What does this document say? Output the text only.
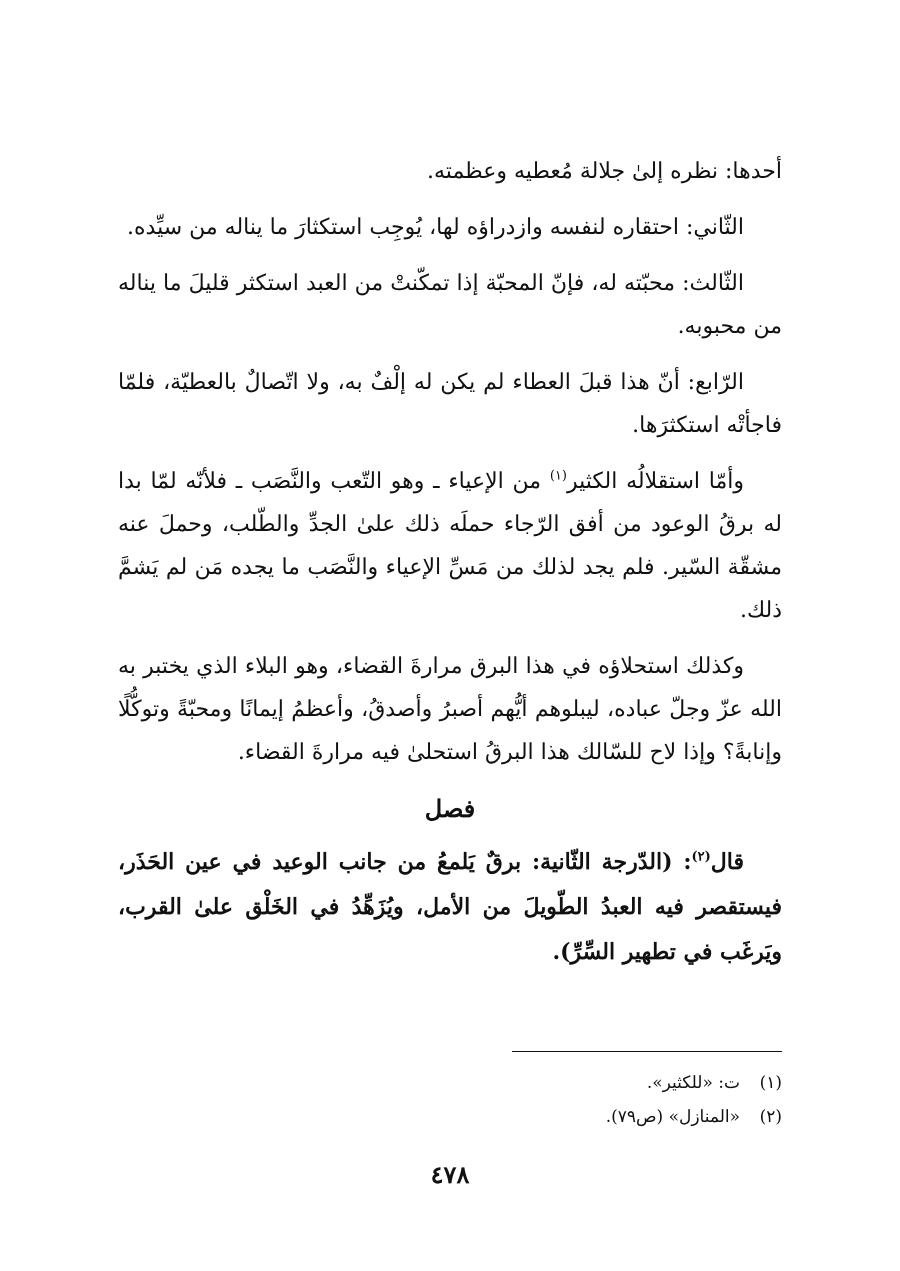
أحدها: نظره إلىٰ جلالة مُعطيه وعظمته.

الثّاني: احتقاره لنفسه وازدراؤه لها، يُوجِب استكثارَ ما يناله من سيِّده.

الثّالث: محبّته له، فإنّ المحبّة إذا تمكّنتْ من العبد استكثر قليلَ ما يناله من محبوبه.

الرّابع: أنّ هذا قبلَ العطاء لم يكن له إلْفٌ به، ولا اتّصالٌ بالعطيّة، فلمّا فاجأتْه استكثرَها.

وأمّا استقلالُه الكثير$^{(١)}$ من الإعياء ـ وهو التّعب والنَّصَب ـ فلأنّه لمّا بدا له برقُ الوعود من أفق الرّجاء حملَه ذلك علىٰ الجدِّ والطّلب، وحملَ عنه مشقّة السّير. فلم يجد لذلك من مَسِّ الإعياء والنَّصَب ما يجده مَن لم يَشمَّ ذلك.

وكذلك استحلاؤه في هذا البرق مرارةَ القضاء، وهو البلاء الذي يختبر به الله عزّ وجلّ عباده، ليبلوهم أيُّهم أصبرُ وأصدقُ، وأعظمُ إيمانًا ومحبّةً وتوكُّلًا وإنابةً؟ وإذا لاح للسّالك هذا البرقُ استحلىٰ فيه مرارةَ القضاء.

فصل

قال$^{(٢)}$: (الدّرجة الثّانية: برقٌ يَلمعُ من جانب الوعيد في عين الحَذَر، فيستقصر فيه العبدُ الطّويلَ من الأمل، ويُزَهِّدُ في الخَلْق علىٰ القرب، ويَرغَب في تطهير السِّرِّ).

(١)ت: «للكثير».

(٢)«المنازل» (ص٧٩).

٤٧٨
